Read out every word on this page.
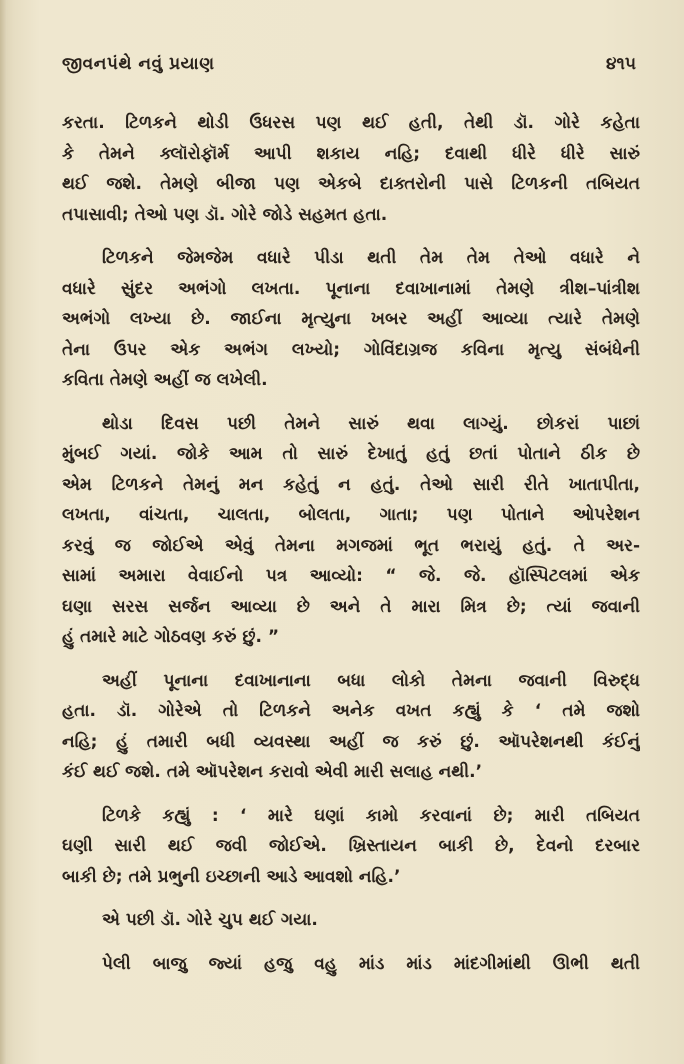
જીવનપંથે નવું પ્રયાણ	૪૧૫
કરતા. ટિળકને થોડી ઉધરસ પણ થઈ હતી, તેથી ડૉ. ગોરે કહેતા
કે તેમને ક્લૉરોફૉર્મ આપી શકાય નહિ; દવાથી ધીરે ધીરે સારું
થઈ જશે. તેમણે બીજા પણ એકબે દાક્તરોની પાસે ટિળકની તબિયત
તપાસાવી; તેઓ પણ ડૉ. ગોરે જોડે સહમત હતા.
ટિળકને જેમજેમ વધારે પીડા થતી તેમ તેમ તેઓ વધારે ને
વધારે સુંદર અભંગો લખતા. પૂનાના દવાખાનામાં તેમણે ત્રીશ–પાંત્રીશ
અભંગો લખ્યા છે. જાઈના મૃત્યુના ખબર અહીં આવ્યા ત્યારે તેમણે
તેના ઉપર એક અભંગ લખ્યો; ગોવિંદાગ્રજ કવિના મૃત્યુ સંબંધેની
કવિતા તેમણે અહીં જ લખેલી.
થોડા દિવસ પછી તેમને સારું થવા લાગ્યું. છોકરાં પાછાં
મુંબઈ ગયાં. જોકે આમ તો સારું દેખાતું હતું છતાં પોતાને ઠીક છે
એમ ટિળકને તેમનું મન કહેતું ન હતું. તેઓ સારી રીતે ખાતાપીતા,
લખતા, વાંચતા, ચાલતા, બોલતા, ગાતા; પણ પોતાને ઓપરેશન
કરવું જ જોઈએ એવું તેમના મગજમાં ભૂત ભરાયું હતું. તે અર-
સામાં અમારા વેવાઈનો પત્ર આવ્યો: “ જે. જે. હૉસ્પિટલમાં એક
ઘણા સરસ સર્જન આવ્યા છે અને તે મારા મિત્ર છે; ત્યાં જવાની
હું તમારે માટે ગોઠવણ કરું છું. ”
અહીં પૂનાના દવાખાનાના બધા લોકો તેમના જવાની વિરુદ્ધ
હતા. ડૉ. ગોરેએ તો ટિળકને અનેક વખત કહ્યું કે ‘ તમે જશો
નહિ; હું તમારી બધી વ્યવસ્થા અહીં જ કરું છું. ઑપરેશનથી કંઈનું
કંઈ થઈ જશે. તમે ઑપરેશન કરાવો એવી મારી સલાહ નથી.’
ટિળકે કહ્યું : ‘ મારે ઘણાં કામો કરવાનાં છે; મારી તબિયત
ઘણી સારી થઈ જવી જોઈએ. ખ્રિસ્તાયન બાકી છે, દેવનો દરબાર
બાકી છે; તમે પ્રભુની ઇચ્છાની આડે આવશો નહિ.’
એ પછી ડૉ. ગોરે ચુપ થઈ ગયા.
પેલી બાજુ જ્યાં હજુ વહુ માંડ માંડ માંદગીમાંથી ઊભી થતી
